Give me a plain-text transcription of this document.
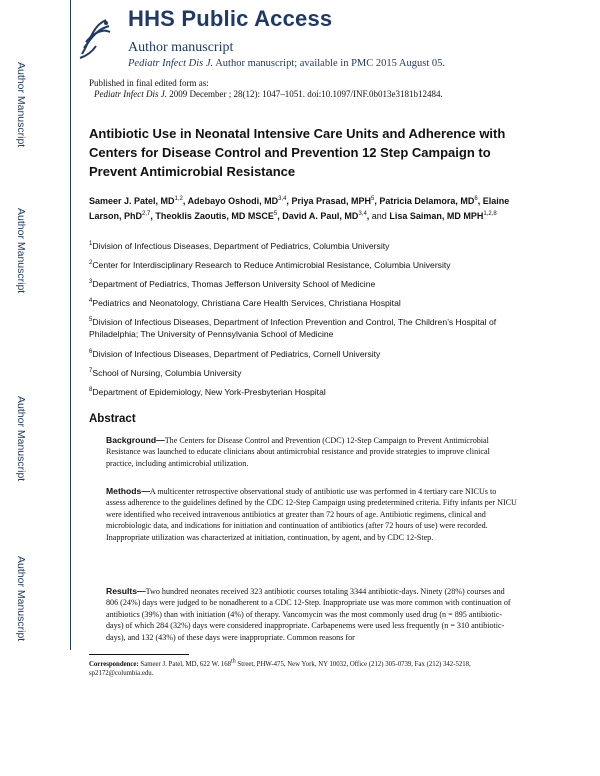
Author Manuscript
Author Manuscript
Author Manuscript
Author Manuscript
HHS Public Access
Author manuscript
Pediatr Infect Dis J. Author manuscript; available in PMC 2015 August 05.
Published in final edited form as:
Pediatr Infect Dis J. 2009 December ; 28(12): 1047–1051. doi:10.1097/INF.0b013e3181b12484.
Antibiotic Use in Neonatal Intensive Care Units and Adherence with Centers for Disease Control and Prevention 12 Step Campaign to Prevent Antimicrobial Resistance

Sameer J. Patel, MD$^{1,2}$, Adebayo Oshodi, MD$^{3,4}$, Priya Prasad, MPH$^5$, Patricia Delamora, $MD^6$, Elaine Larson, PhD$^{2,7}$, Theoklis Zaoutis, MD MSCE$^5$, David A. Paul, MD$^{3,4}$, and Lisa Saiman, MD MPH$^{1,2,8}$

$^1$Division of Infectious Diseases, Department of Pediatrics, Columbia University

$^2$Center for Interdisciplinary Research to Reduce Antimicrobial Resistance, Columbia University

$^3$Department of Pediatrics, Thomas Jefferson University School of Medicine

$^4$Pediatrics and Neonatology, Christiana Care Health Services, Christiana Hospital

$^5$Division of Infectious Diseases, Department of Infection Prevention and Control, The Children’s Hospital of Philadelphia; The University of Pennsylvania School of Medicine

$^6$Division of Infectious Diseases, Department of Pediatrics, Cornell University

$^7$School of Nursing, Columbia University

$^8$Department of Epidemiology, New York-Presbyterian Hospital

Abstract

Background—The Centers for Disease Control and Prevention (CDC) 12-Step Campaign to Prevent Antimicrobial Resistance was launched to educate clinicians about antimicrobial resistance and provide strategies to improve clinical practice, including antimicrobial utilization.

Methods—A multicenter retrospective observational study of antibiotic use was performed in 4 tertiary care NICUs to assess adherence to the guidelines defined by the CDC 12-Step Campaign using predetermined criteria. Fifty infants per NICU were identified who received intravenous antibiotics at greater than 72 hours of age. Antibiotic regimens, clinical and microbiologic data, and indications for initiation and continuation of antibiotics (after 72 hours of use) were recorded. Inappropriate utilization was characterized at initiation, continuation, by agent, and by CDC 12-Step.

Results—Two hundred neonates received 323 antibiotic courses totaling 3344 antibiotic-days. Ninety (28%) courses and 806 (24%) days were judged to be nonadherent to a CDC 12-Step. Inappropriate use was more common with continuation of antibiotics (39%) than with initiation (4%) of therapy. Vancomycin was the most commonly used drug (n = 895 antibiotic-days) of which 284 (32%) days were considered inappropriate. Carbapenems were used less frequently (n = 310 antibiotic-days), and 132 (43%) of these days were inappropriate. Common reasons for

Correspondence: Sameer J. Patel, MD, 622 W. 168th Street, PHW-475, New York, NY 10032, Office (212) 305-0739, Fax (212) 342-5218, sp2172@columbia.edu.
